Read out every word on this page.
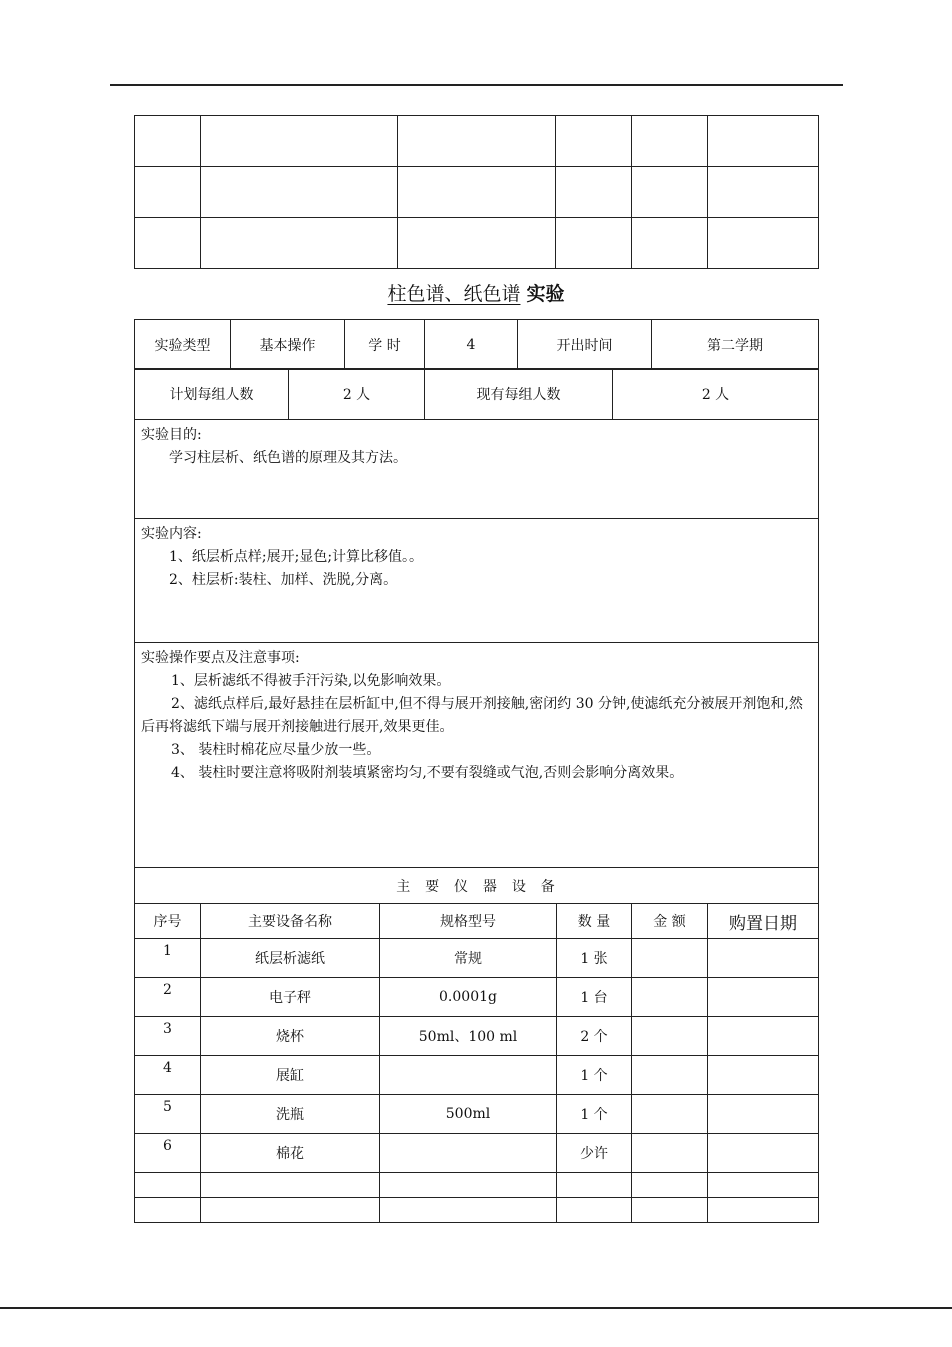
柱色谱、纸色谱 实验
实验类型	基本操作	学 时	4	开出时间	第二学期
计划每组人数	2 人	现有每组人数	2 人
实验目的:
学习柱层析、纸色谱的原理及其方法。

实验内容:
1、纸层析点样;展开;显色;计算比移值。。
2、柱层析:装柱、加样、洗脱,分离。

实验操作要点及注意事项:
1、层析滤纸不得被手汗污染,以免影响效果。
2、滤纸点样后,最好悬挂在层析缸中,但不得与展开剂接触,密闭约 30 分钟,使滤纸充分被展开剂饱和,然后再将滤纸下端与展开剂接触进行展开,效果更佳。
3、 装柱时棉花应尽量少放一些。
4、 装柱时要注意将吸附剂装填紧密均匀,不要有裂缝或气泡,否则会影响分离效果。

主  要  仪  器  设  备
序号	主要设备名称	规格型号	数 量	金 额	购置日期
1	纸层析滤纸	常规	1 张		
2	电子秤	0.0001g	1 台		
3	烧杯	50ml、100 ml	2 个		
4	展缸		1 个		
5	洗瓶	500ml	1 个		
6	棉花		少许		
